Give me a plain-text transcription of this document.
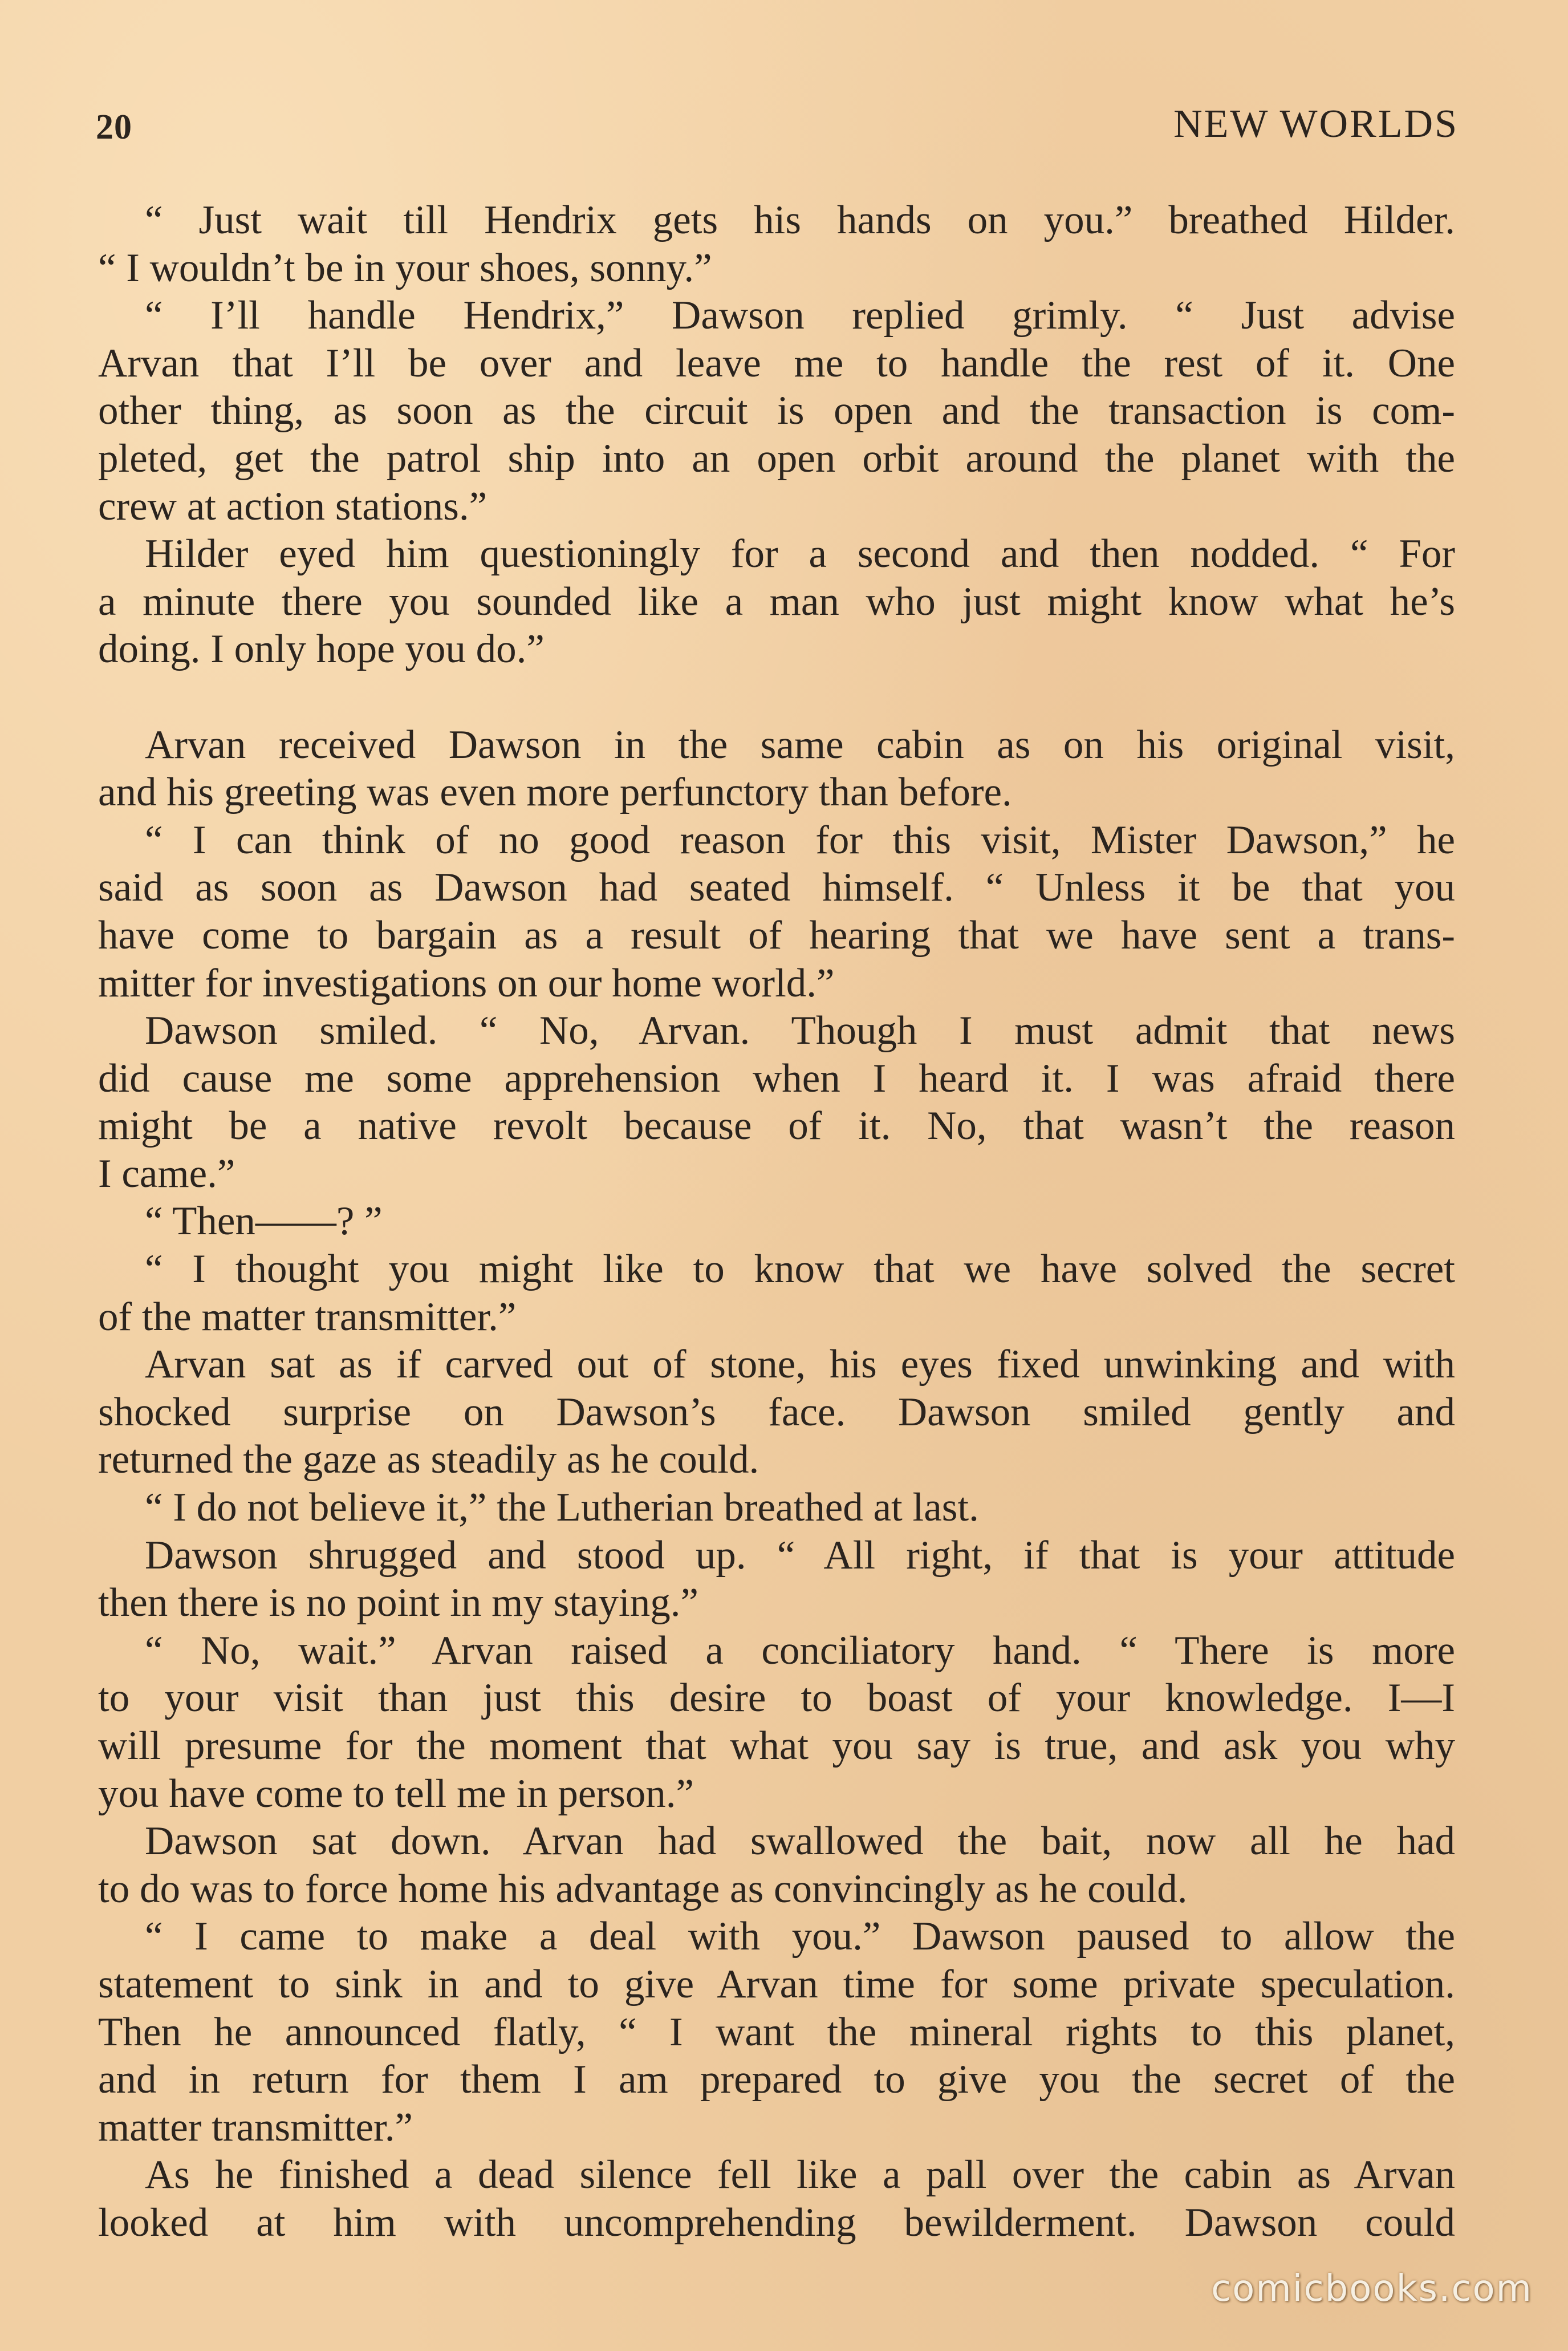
20	NEW WORLDS
“ Just wait till Hendrix gets his hands on you.” breathed Hilder.
“ I wouldn’t be in your shoes, sonny.”
“ I’ll handle Hendrix,” Dawson replied grimly. “ Just advise
Arvan that I’ll be over and leave me to handle the rest of it. One
other thing, as soon as the circuit is open and the transaction is com-
pleted, get the patrol ship into an open orbit around the planet with the
crew at action stations.”
Hilder eyed him questioningly for a second and then nodded. “ For
a minute there you sounded like a man who just might know what he’s
doing. I only hope you do.”
Arvan received Dawson in the same cabin as on his original visit,
and his greeting was even more perfunctory than before.
“ I can think of no good reason for this visit, Mister Dawson,” he
said as soon as Dawson had seated himself. “ Unless it be that you
have come to bargain as a result of hearing that we have sent a trans-
mitter for investigations on our home world.”
Dawson smiled. “ No, Arvan. Though I must admit that news
did cause me some apprehension when I heard it. I was afraid there
might be a native revolt because of it. No, that wasn’t the reason
I came.”
“ Then——? ”
“ I thought you might like to know that we have solved the secret
of the matter transmitter.”
Arvan sat as if carved out of stone, his eyes fixed unwinking and with
shocked surprise on Dawson’s face. Dawson smiled gently and
returned the gaze as steadily as he could.
“ I do not believe it,” the Lutherian breathed at last.
Dawson shrugged and stood up. “ All right, if that is your attitude
then there is no point in my staying.”
“ No, wait.” Arvan raised a conciliatory hand. “ There is more
to your visit than just this desire to boast of your knowledge. I—I
will presume for the moment that what you say is true, and ask you why
you have come to tell me in person.”
Dawson sat down. Arvan had swallowed the bait, now all he had
to do was to force home his advantage as convincingly as he could.
“ I came to make a deal with you.” Dawson paused to allow the
statement to sink in and to give Arvan time for some private speculation.
Then he announced flatly, “ I want the mineral rights to this planet,
and in return for them I am prepared to give you the secret of the
matter transmitter.”
As he finished a dead silence fell like a pall over the cabin as Arvan
looked at him with uncomprehending bewilderment. Dawson could
comicbooks.com
